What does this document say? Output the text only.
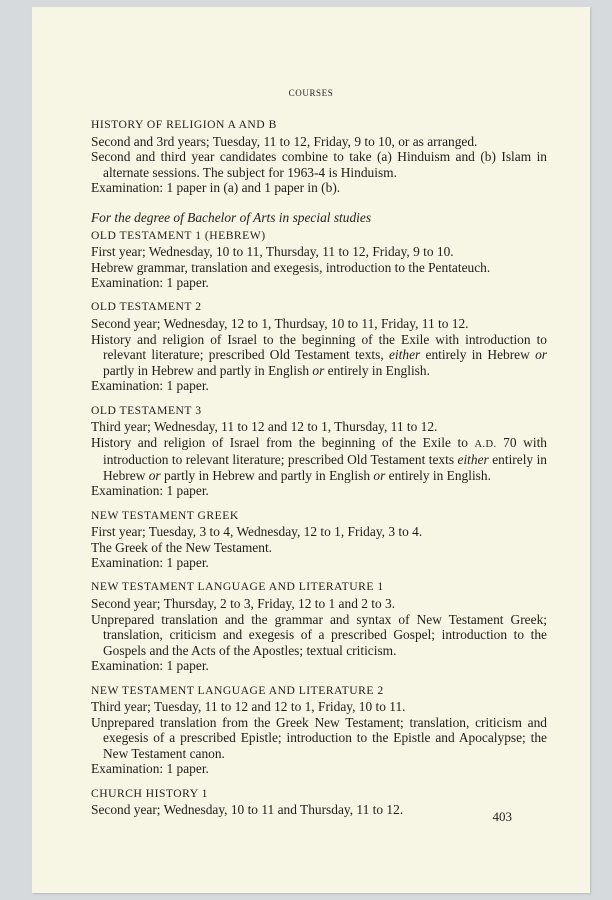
COURSES
HISTORY OF RELIGION A AND B

Second and 3rd years; Tuesday, 11 to 12, Friday, 9 to 10, or as arranged.

Second and third year candidates combine to take (a) Hinduism and (b) Islam in alternate sessions. The subject for 1963-4 is Hinduism.

Examination: 1 paper in (a) and 1 paper in (b).

For the degree of Bachelor of Arts in special studies

OLD TESTAMENT 1 (HEBREW)

First year; Wednesday, 10 to 11, Thursday, 11 to 12, Friday, 9 to 10.

Hebrew grammar, translation and exegesis, introduction to the Pentateuch.

Examination: 1 paper.

OLD TESTAMENT 2

Second year; Wednesday, 12 to 1, Thurdsay, 10 to 11, Friday, 11 to 12.

History and religion of Israel to the beginning of the Exile with introduction to relevant literature; prescribed Old Testament texts, either entirely in Hebrew or partly in Hebrew and partly in English or entirely in English.

Examination: 1 paper.

OLD TESTAMENT 3

Third year; Wednesday, 11 to 12 and 12 to 1, Thursday, 11 to 12.

History and religion of Israel from the beginning of the Exile to A.D. 70 with introduction to relevant literature; prescribed Old Testament texts either entirely in Hebrew or partly in Hebrew and partly in English or entirely in English.

Examination: 1 paper.

NEW TESTAMENT GREEK

First year; Tuesday, 3 to 4, Wednesday, 12 to 1, Friday, 3 to 4.

The Greek of the New Testament.

Examination: 1 paper.

NEW TESTAMENT LANGUAGE AND LITERATURE 1

Second year; Thursday, 2 to 3, Friday, 12 to 1 and 2 to 3.

Unprepared translation and the grammar and syntax of New Testament Greek; translation, criticism and exegesis of a prescribed Gospel; introduction to the Gospels and the Acts of the Apostles; textual criticism.

Examination: 1 paper.

NEW TESTAMENT LANGUAGE AND LITERATURE 2

Third year; Tuesday, 11 to 12 and 12 to 1, Friday, 10 to 11.

Unprepared translation from the Greek New Testament; translation, criticism and exegesis of a prescribed Epistle; introduction to the Epistle and Apocalypse; the New Testament canon.

Examination: 1 paper.

CHURCH HISTORY 1

Second year; Wednesday, 10 to 11 and Thursday, 11 to 12.	403
